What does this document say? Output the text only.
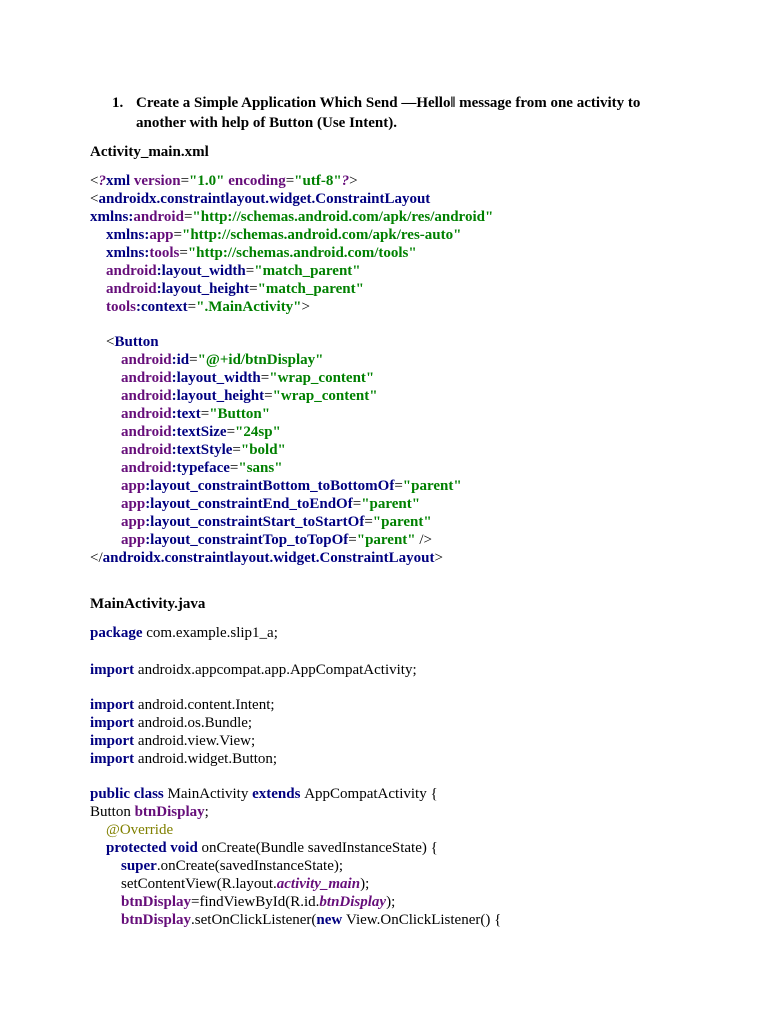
1. Create a Simple Application Which Send —Hello‖ message from one activity to
another with help of Button (Use Intent).
Activity_main.xml
<?xml version="1.0" encoding="utf-8"?>
<androidx.constraintlayout.widget.ConstraintLayout
xmlns:android="http://schemas.android.com/apk/res/android"
xmlns:app="http://schemas.android.com/apk/res-auto"
xmlns:tools="http://schemas.android.com/tools"
android:layout_width="match_parent"
android:layout_height="match_parent"
tools:context=".MainActivity">
<Button
android:id="@+id/btnDisplay"
android:layout_width="wrap_content"
android:layout_height="wrap_content"
android:text="Button"
android:textSize="24sp"
android:textStyle="bold"
android:typeface="sans"
app:layout_constraintBottom_toBottomOf="parent"
app:layout_constraintEnd_toEndOf="parent"
app:layout_constraintStart_toStartOf="parent"
app:layout_constraintTop_toTopOf="parent" />
</androidx.constraintlayout.widget.ConstraintLayout>
MainActivity.java
package com.example.slip1_a;
import androidx.appcompat.app.AppCompatActivity;
import android.content.Intent;
import android.os.Bundle;
import android.view.View;
import android.widget.Button;
public class MainActivity extends AppCompatActivity {
Button btnDisplay;
@Override
protected void onCreate(Bundle savedInstanceState) {
super.onCreate(savedInstanceState);
setContentView(R.layout.activity_main);
btnDisplay=findViewById(R.id.btnDisplay);
btnDisplay.setOnClickListener(new View.OnClickListener() {
